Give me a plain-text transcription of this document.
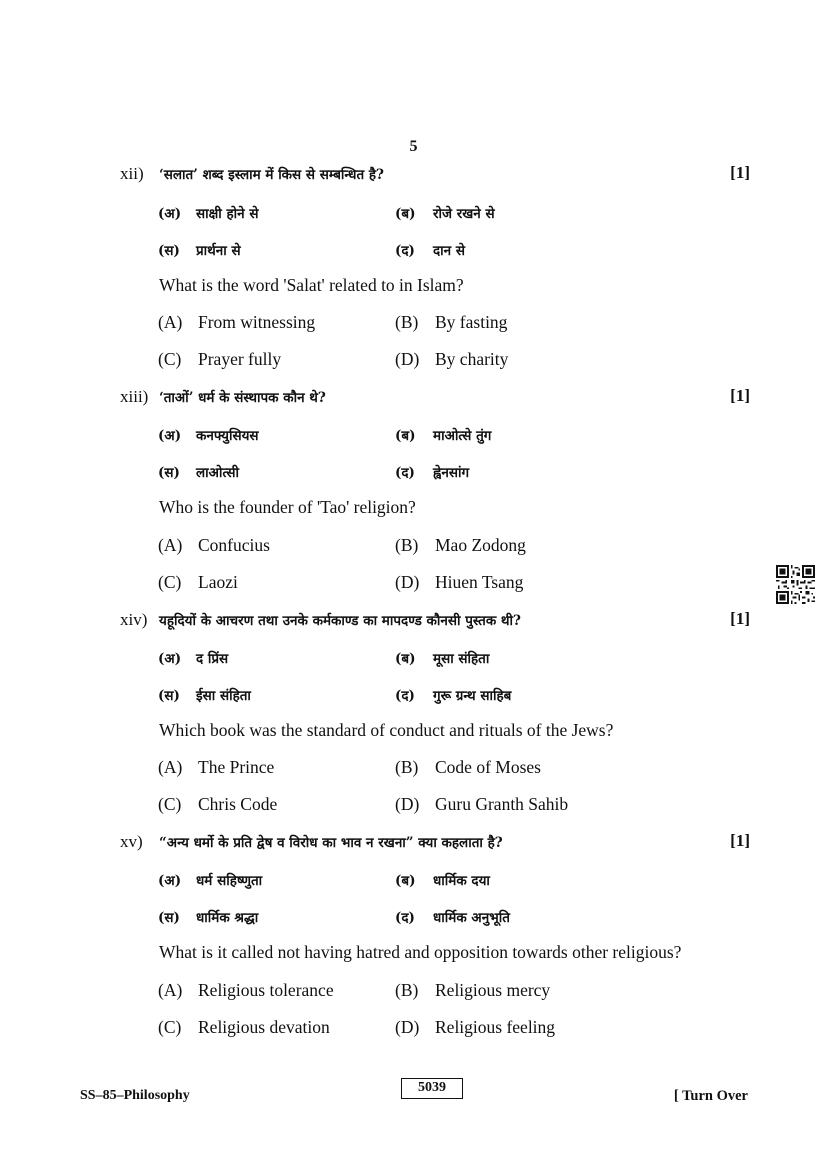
5
xii) ‘सलात’ शब्द इस्लाम में किस से सम्बन्धित है?	[1]
(अ) साक्षी होने से	(ब) रोजे रखने से
(स) प्रार्थना से	(द) दान से
What is the word 'Salat' related to in Islam?
(A) From witnessing	(B) By fasting
(C) Prayer fully	(D) By charity
xiii) ‘ताओं’ धर्म के संस्थापक कौन थे?	[1]
(अ) कनफ्युसियस	(ब) माओत्से तुंग
(स) लाओत्सी	(द) ह्वेनसांग
Who is the founder of 'Tao' religion?
(A) Confucius	(B) Mao Zodong
(C) Laozi	(D) Hiuen Tsang
xiv) यहूदियों के आचरण तथा उनके कर्मकाण्ड का मापदण्ड कौनसी पुस्तक थी?	[1]
(अ) द प्रिंस	(ब) मूसा संहिता
(स) ईसा संहिता	(द) गुरू ग्रन्थ साहिब
Which book was the standard of conduct and rituals of the Jews?
(A) The Prince	(B) Code of Moses
(C) Chris Code	(D) Guru Granth Sahib
xv) “अन्य धर्मो के प्रति द्वेष व विरोध का भाव न रखना” क्या कहलाता है?	[1]
(अ) धर्म सहिष्णुता	(ब) धार्मिक दया
(स) धार्मिक श्रद्धा	(द) धार्मिक अनुभूति
What is it called not having hatred and opposition towards other religious?
(A) Religious tolerance	(B) Religious mercy
(C) Religious devation	(D) Religious feeling
SS–85–Philosophy
5039
[ Turn Over
